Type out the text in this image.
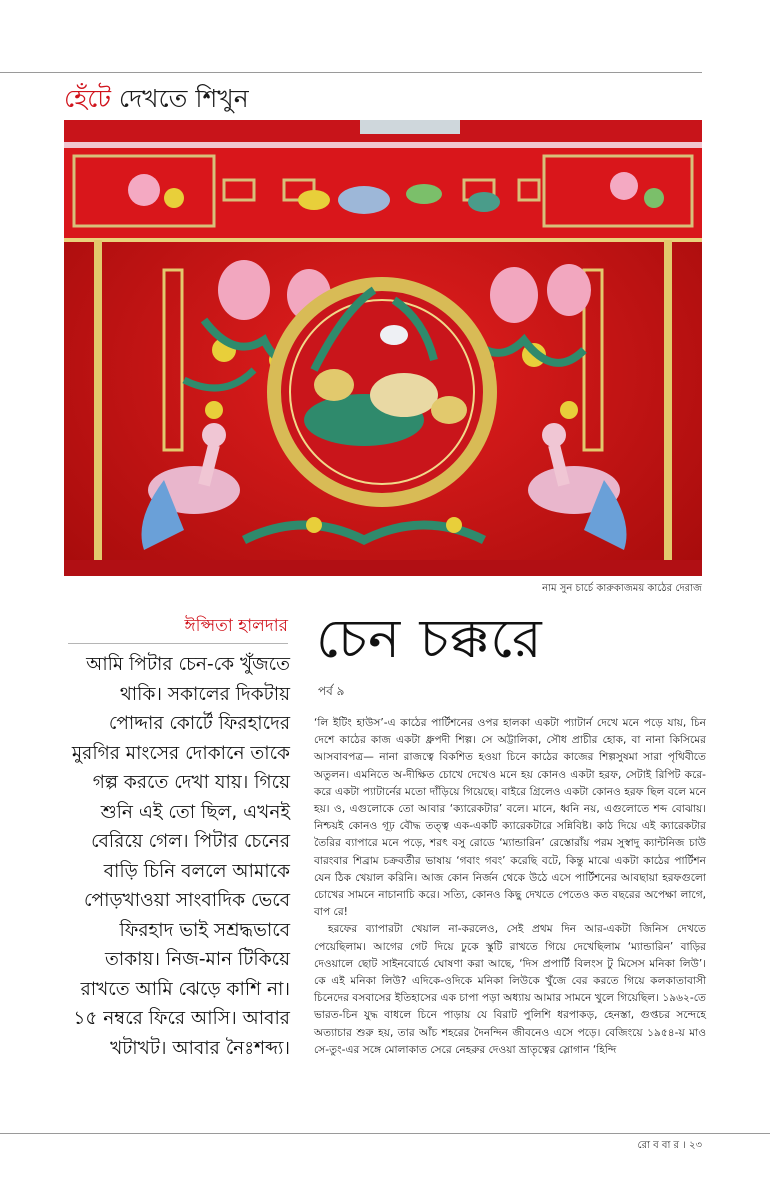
হেঁটে দেখতে শিখুন
নাম সুন চার্চে কারুকাজময় কাঠের দেরাজ
ঈপ্সিতা হালদার
আমি পিটার চেন-কে খুঁজতে থাকি। সকালের দিকটায় পোদ্দার কোর্টে ফিরহাদের মুরগির মাংসের দোকানে তাকে গল্প করতে দেখা যায়। গিয়ে শুনি এই তো ছিল, এখনই বেরিয়ে গেল। পিটার চেনের বাড়ি চিনি বললে আমাকে পোড়খাওয়া সাংবাদিক ভেবে ফিরহাদ ভাই সশ্রদ্ধভাবে তাকায়। নিজ-মান টিকিয়ে রাখতে আমি ঝেড়ে কাশি না। ১৫ নম্বরে ফিরে আসি। আবার খটাখট। আবার নৈঃশব্দ্য।
চেন চক্করে
পর্ব ৯

‘লি ইটিং হাউস’-এ কাঠের পার্টিশনের ওপর হালকা একটা প্যাটার্ন দেখে মনে পড়ে যায়, চিন দেশে কাঠের কাজ একটা ধ্রুপদী শিল্প। সে অট্টালিকা, সৌধ প্রাচীর হোক, বা নানা কিসিমের আসবাবপত্র— নানা রাজত্বে বিকশিত হওয়া চিনে কাঠের কাজের শিল্পসুষমা সারা পৃথিবীতে অতুলন। এমনিতে অ-দীক্ষিত চোখে দেখেও মনে হয় কোনও একটা হরফ, সেটাই রিপিট করে-করে একটা প্যাটার্নের মতো দাঁড়িয়ে গিয়েছে। বাইরে গ্রিলেও একটা কোনও হরফ ছিল বলে মনে হয়। ও, এগুলোকে তো আবার ‘ক্যারেকটার’ বলে। মানে, ধ্বনি নয়, এগুলোতে শব্দ বোঝায়। নিশ্চয়ই কোনও গূঢ় বৌদ্ধ তত্ত্ব এক-একটি ক্যারেকটারে সন্নিবিষ্ট। কাঠ দিয়ে এই ক্যারেকটার তৈরির ব্যাপারে মনে পড়ে, শরৎ বসু রোডে ‘ম্যান্ডারিন’ রেস্তোরাঁয় পরম সুস্বাদু ক্যান্টনিজ চাউ বারংবার শিব্রাম চক্রবর্তীর ভাষায় ‘গবাং গবং’ করেছি বটে, কিন্তু মাঝে একটা কাঠের পার্টিশন যেন ঠিক খেয়াল করিনি। আজ কোন নির্জন থেকে উঠে এসে পার্টিশনের আবছায়া হরফগুলো চোখের সামনে নাচানাচি করে। সত্যি, কোনও কিছু দেখতে পেতেও কত বছরের অপেক্ষা লাগে, বাপ রে!

হরফের ব্যাপারটা খেয়াল না-করলেও, সেই প্রথম দিন আর-একটা জিনিস দেখতে পেয়েছিলাম। আগের গেট দিয়ে ঢুকে স্কুটি রাখতে গিয়ে দেখেছিলাম ‘ম্যান্ডারিন’ বাড়ির দেওয়ালে ছোট সাইনবোর্ডে ঘোষণা করা আছে, ‘দিস প্রপার্টি বিলংস টু মিসেস মনিকা লিউ’। কে এই মনিকা লিউ? এদিকে-ওদিকে মনিকা লিউকে খুঁজে বের করতে গিয়ে কলকাতাবাসী চিনেদের বসবাসের ইতিহাসের এক চাপা পড়া অধ্যায় আমার সামনে খুলে গিয়েছিল। ১৯৬২-তে ভারত-চিন যুদ্ধ বাধলে চিনে পাড়ায় যে বিরাট পুলিশি ধরপাকড়, হেনস্তা, গুপ্তচর সন্দেহে অত্যাচার শুরু হয়, তার আঁচ শহরের দৈনন্দিন জীবনেও এসে পড়ে। বেজিংয়ে ১৯৫৪-য় মাও সে-তুং-এর সঙ্গে মোলাকাত সেরে নেহরুর দেওয়া ভ্রাতৃত্বের স্লোগান ‘হিন্দি

রো ব বা র । ২৩
